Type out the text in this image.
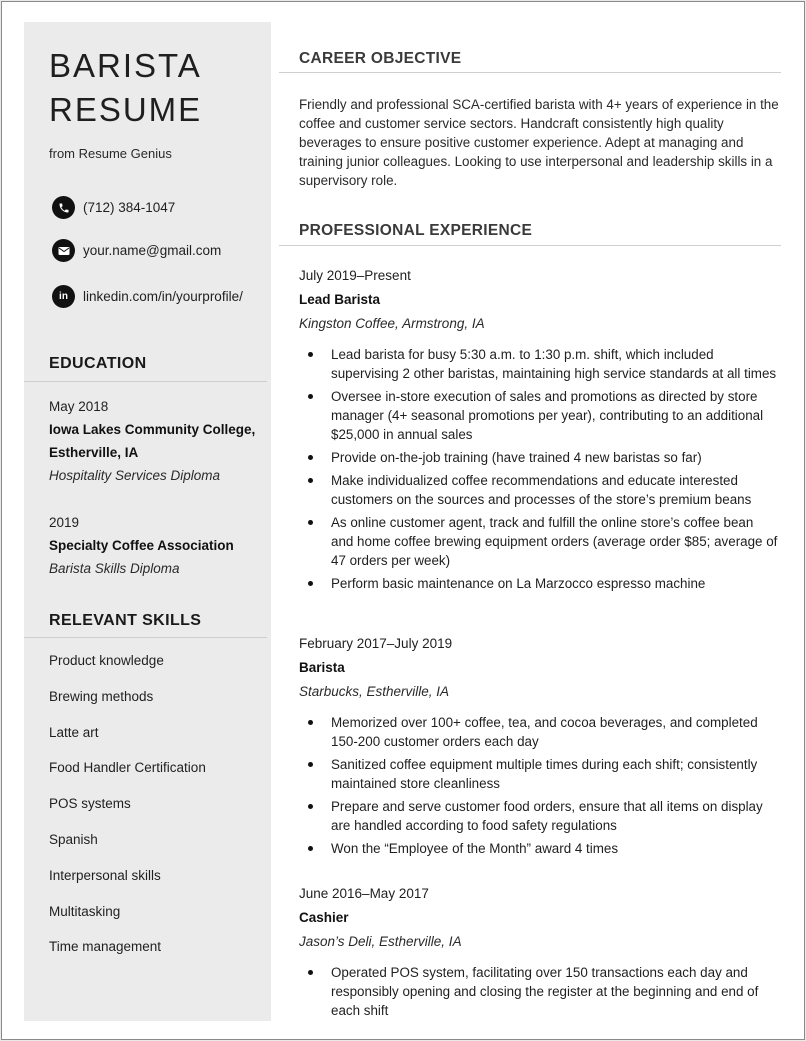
BARISTA
RESUME
from Resume Genius
(712) 384-1047
your.name@gmail.com
in	linkedin.com/in/yourprofile/
EDUCATION
May 2018
Iowa Lakes Community College,
Estherville, IA
Hospitality Services Diploma
2019
Specialty Coffee Association
Barista Skills Diploma
RELEVANT SKILLS
Product knowledge
Brewing methods
Latte art
Food Handler Certification
POS systems
Spanish
Interpersonal skills
Multitasking
Time management
CAREER OBJECTIVE

Friendly and professional SCA-certified barista with 4+ years of experience in the coffee and customer service sectors. Handcraft consistently high quality beverages to ensure positive customer experience. Adept at managing and training junior colleagues. Looking to use interpersonal and leadership skills in a supervisory role.

PROFESSIONAL EXPERIENCE
July 2019–Present
Lead Barista
Kingston Coffee, Armstrong, IA
Lead barista for busy 5:30 a.m. to 1:30 p.m. shift, which included supervising 2 other baristas, maintaining high service standards at all times
Oversee in-store execution of sales and promotions as directed by store manager (4+ seasonal promotions per year), contributing to an additional $25,000 in annual sales
Provide on-the-job training (have trained 4 new baristas so far)
Make individualized coffee recommendations and educate interested customers on the sources and processes of the store’s premium beans
As online customer agent, track and fulfill the online store’s coffee bean and home coffee brewing equipment orders (average order $85; average of 47 orders per week)
Perform basic maintenance on La Marzocco espresso machine
February 2017–July 2019
Barista
Starbucks, Estherville, IA
Memorized over 100+ coffee, tea, and cocoa beverages, and completed 150-200 customer orders each day
Sanitized coffee equipment multiple times during each shift; consistently maintained store cleanliness
Prepare and serve customer food orders, ensure that all items on display are handled according to food safety regulations
Won the “Employee of the Month” award 4 times
June 2016–May 2017
Cashier
Jason’s Deli, Estherville, IA
Operated POS system, facilitating over 150 transactions each day and responsibly opening and closing the register at the beginning and end of each shift
